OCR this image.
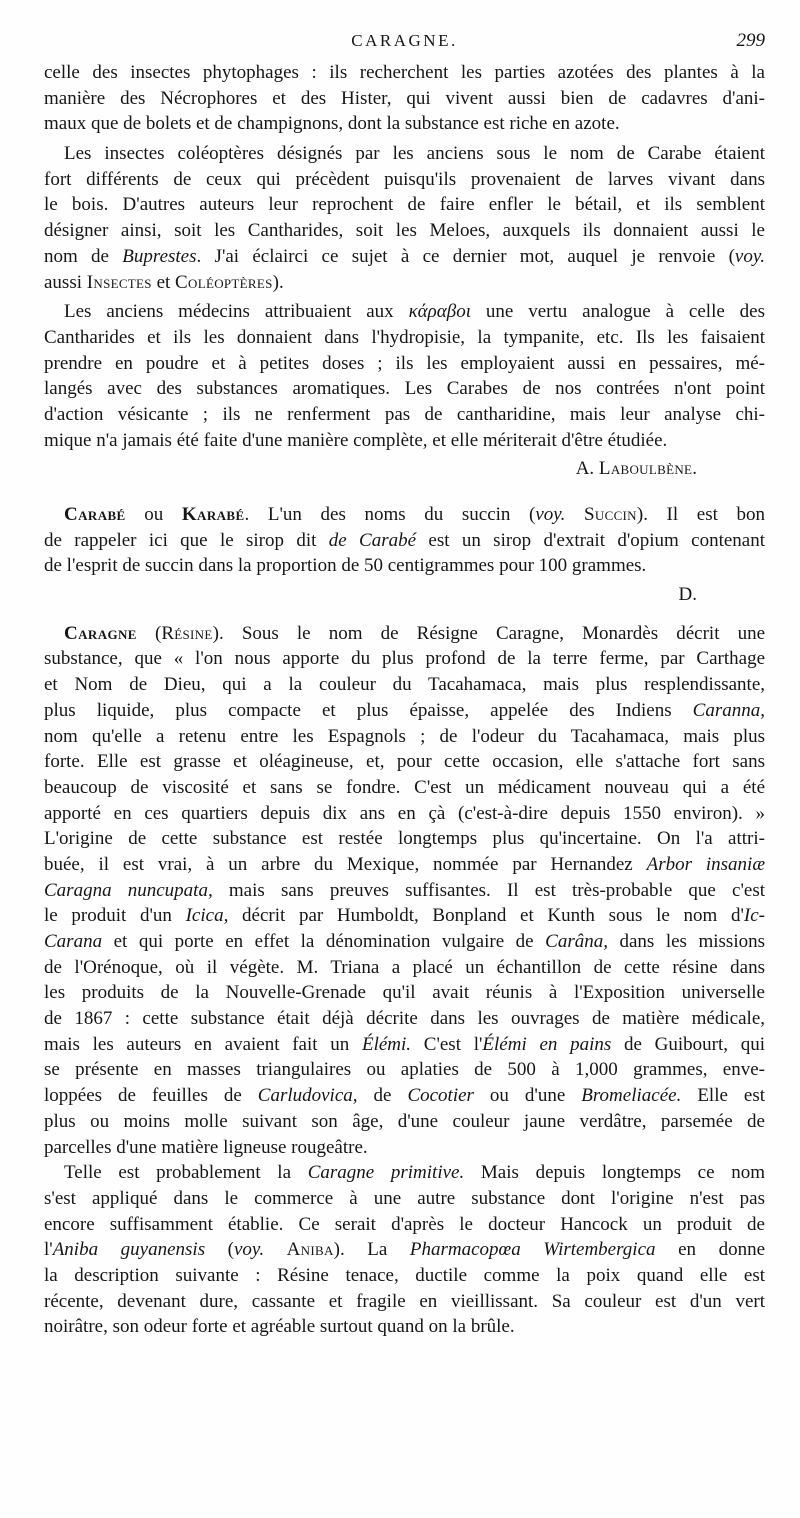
CARAGNE.	299
celle des insectes phytophages : ils recherchent les parties azotées des plantes à la
manière des Nécrophores et des Hister, qui vivent aussi bien de cadavres d'ani-
maux que de bolets et de champignons, dont la substance est riche en azote.
Les insectes coléoptères désignés par les anciens sous le nom de Carabe étaient
fort différents de ceux qui précèdent puisqu'ils provenaient de larves vivant dans
le bois. D'autres auteurs leur reprochent de faire enfler le bétail, et ils semblent
désigner ainsi, soit les Cantharides, soit les Meloes, auxquels ils donnaient aussi le
nom de Buprestes. J'ai éclairci ce sujet à ce dernier mot, auquel je renvoie (voy.
aussi Insectes et Coléoptères).
Les anciens médecins attribuaient aux κάραβοι une vertu analogue à celle des
Cantharides et ils les donnaient dans l'hydropisie, la tympanite, etc. Ils les faisaient
prendre en poudre et à petites doses ; ils les employaient aussi en pessaires, mé-
langés avec des substances aromatiques. Les Carabes de nos contrées n'ont point
d'action vésicante ; ils ne renferment pas de cantharidine, mais leur analyse chi-
mique n'a jamais été faite d'une manière complète, et elle mériterait d'être étudiée.
A. Laboulbène.
Carabé ou Karabé. L'un des noms du succin (voy. Succin). Il est bon
de rappeler ici que le sirop dit de Carabé est un sirop d'extrait d'opium contenant
de l'esprit de succin dans la proportion de 50 centigrammes pour 100 grammes.
D.
Caragne (Résine). Sous le nom de Résigne Caragne, Monardès décrit une
substance, que « l'on nous apporte du plus profond de la terre ferme, par Carthage
et Nom de Dieu, qui a la couleur du Tacahamaca, mais plus resplendissante,
plus liquide, plus compacte et plus épaisse, appelée des Indiens Caranna,
nom qu'elle a retenu entre les Espagnols ; de l'odeur du Tacahamaca, mais plus
forte. Elle est grasse et oléagineuse, et, pour cette occasion, elle s'attache fort sans
beaucoup de viscosité et sans se fondre. C'est un médicament nouveau qui a été
apporté en ces quartiers depuis dix ans en çà (c'est-à-dire depuis 1550 environ). »
L'origine de cette substance est restée longtemps plus qu'incertaine. On l'a attri-
buée, il est vrai, à un arbre du Mexique, nommée par Hernandez Arbor insaniæ
Caragna nuncupata, mais sans preuves suffisantes. Il est très-probable que c'est
le produit d'un Icica, décrit par Humboldt, Bonpland et Kunth sous le nom d'Ic-
Carana et qui porte en effet la dénomination vulgaire de Carâna, dans les missions
de l'Orénoque, où il végète. M. Triana a placé un échantillon de cette résine dans
les produits de la Nouvelle-Grenade qu'il avait réunis à l'Exposition universelle
de 1867 : cette substance était déjà décrite dans les ouvrages de matière médicale,
mais les auteurs en avaient fait un Élémi. C'est l'Élémi en pains de Guibourt, qui
se présente en masses triangulaires ou aplaties de 500 à 1,000 grammes, enve-
loppées de feuilles de Carludovica, de Cocotier ou d'une Bromeliacée. Elle est
plus ou moins molle suivant son âge, d'une couleur jaune verdâtre, parsemée de
parcelles d'une matière ligneuse rougeâtre.
Telle est probablement la Caragne primitive. Mais depuis longtemps ce nom
s'est appliqué dans le commerce à une autre substance dont l'origine n'est pas
encore suffisamment établie. Ce serait d'après le docteur Hancock un produit de
l'Aniba guyanensis (voy. Aniba). La Pharmacopœa Wirtembergica en donne
la description suivante : Résine tenace, ductile comme la poix quand elle est
récente, devenant dure, cassante et fragile en vieillissant. Sa couleur est d'un vert
noirâtre, son odeur forte et agréable surtout quand on la brûle.
